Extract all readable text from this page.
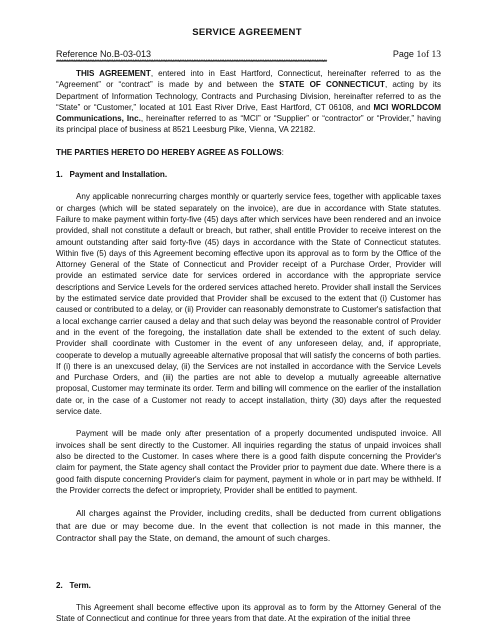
SERVICE AGREEMENT
Reference No.B-03-013	Page 1of 13
************************************************************************************************************************************************************

THIS AGREEMENT, entered into in East Hartford, Connecticut, hereinafter referred to as the “Agreement” or “contract” is made by and between the STATE OF CONNECTICUT, acting by its Department of Information Technology, Contracts and Purchasing Division, hereinafter referred to as the “State” or “Customer,” located at 101 East River Drive, East Hartford, CT 06108, and MCI WORLDCOM Communications, Inc., hereinafter referred to as “MCI” or “Supplier” or “contractor” or “Provider,” having its principal place of business at 8521 Leesburg Pike, Vienna, VA 22182.

THE PARTIES HERETO DO HEREBY AGREE AS FOLLOWS:

1.   Payment and Installation.

Any applicable nonrecurring charges monthly or quarterly service fees, together with applicable taxes or charges (which will be stated separately on the invoice), are due in accordance with State statutes. Failure to make payment within forty-five (45) days after which services have been rendered and an invoice provided, shall not constitute a default or breach, but rather, shall entitle Provider to receive interest on the amount outstanding after said forty-five (45) days in accordance with the State of Connecticut statutes. Within five (5) days of this Agreement becoming effective upon its approval as to form by the Office of the Attorney General of the State of Connecticut and Provider receipt of a Purchase Order, Provider will provide an estimated service date for services ordered in accordance with the appropriate service descriptions and Service Levels for the ordered services attached hereto. Provider shall install the Services by the estimated service date provided that Provider shall be excused to the extent that (i) Customer has caused or contributed to a delay, or (ii) Provider can reasonably demonstrate to Customer's satisfaction that a local exchange carrier caused a delay and that such delay was beyond the reasonable control of Provider and in the event of the foregoing, the installation date shall be extended to the extent of such delay. Provider shall coordinate with Customer in the event of any unforeseen delay, and, if appropriate, cooperate to develop a mutually agreeable alternative proposal that will satisfy the concerns of both parties. If (i) there is an unexcused delay, (ii) the Services are not installed in accordance with the Service Levels and Purchase Orders, and (iii) the parties are not able to develop a mutually agreeable alternative proposal, Customer may terminate its order. Term and billing will commence on the earlier of the installation date or, in the case of a Customer not ready to accept installation, thirty (30) days after the requested service date.

Payment will be made only after presentation of a properly documented undisputed invoice. All invoices shall be sent directly to the Customer. All inquiries regarding the status of unpaid invoices shall also be directed to the Customer. In cases where there is a good faith dispute concerning the Provider's claim for payment, the State agency shall contact the Provider prior to payment due date. Where there is a good faith dispute concerning Provider's claim for payment, payment in whole or in part may be withheld. If the Provider corrects the defect or impropriety, Provider shall be entitled to payment.

All charges against the Provider, including credits, shall be deducted from current obligations that are due or may become due. In the event that collection is not made in this manner, the Contractor shall pay the State, on demand, the amount of such charges.

2.   Term.

This Agreement shall become effective upon its approval as to form by the Attorney General of the State of Connecticut and continue for three years from that date. At the expiration of the initial three
